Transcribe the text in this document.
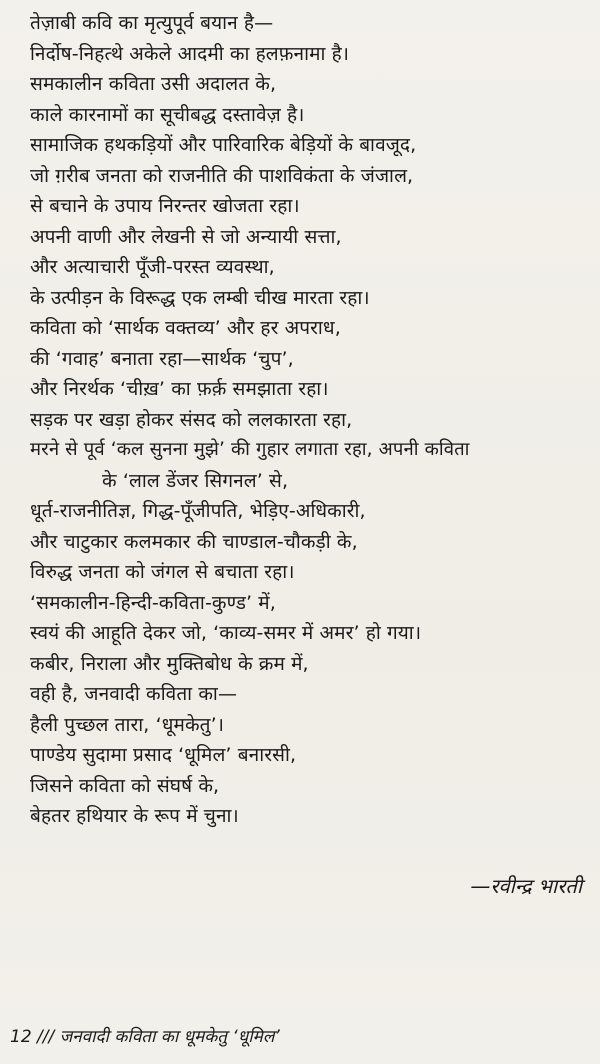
तेज़ाबी कवि का मृत्युपूर्व बयान है—
निर्दोष-निहत्थे अकेले आदमी का हलफ़नामा है।
समकालीन कविता उसी अदालत के,
काले कारनामों का सूचीबद्ध दस्तावेज़ है।
सामाजिक हथकड़ियों और पारिवारिक बेड़ियों के बावजूद,
जो ग़रीब जनता को राजनीति की पाशविकंता के जंजाल,
से बचाने के उपाय निरन्तर खोजता रहा।
अपनी वाणी और लेखनी से जो अन्यायी सत्ता,
और अत्याचारी पूँजी-परस्त व्यवस्था,
के उत्पीड़न के विरूद्ध एक लम्बी चीख मारता रहा।
कविता को ‘सार्थक वक्तव्य’ और हर अपराध,
की ‘गवाह’ बनाता रहा—सार्थक ‘चुप’,
और निरर्थक ‘चीख़’ का फ़र्क़ समझाता रहा।
सड़क पर खड़ा होकर संसद को ललकारता रहा,
मरने से पूर्व ‘कल सुनना मुझे’ की गुहार लगाता रहा, अपनी कविता
के ‘लाल डेंजर सिगनल’ से,
धूर्त-राजनीतिज्ञ, गिद्ध-पूँजीपति, भेड़िए-अधिकारी,
और चाटुकार कलमकार की चाण्डाल-चौकड़ी के,
विरुद्ध जनता को जंगल से बचाता रहा।
‘समकालीन-हिन्दी-कविता-कुण्ड’ में,
स्वयं की आहूति देकर जो, ‘काव्य-समर में अमर’ हो गया।
कबीर, निराला और मुक्तिबोध के क्रम में,
वही है, जनवादी कविता का—
हैली पुच्छल तारा, ‘धूमकेतु’।
पाण्डेय सुदामा प्रसाद ‘धूमिल’ बनारसी,
जिसने कविता को संघर्ष के,
बेहतर हथियार के रूप में चुना।
—रवीन्द्र भारती
12 /// जनवादी कविता का धूमकेतु ‘धूमिल’
